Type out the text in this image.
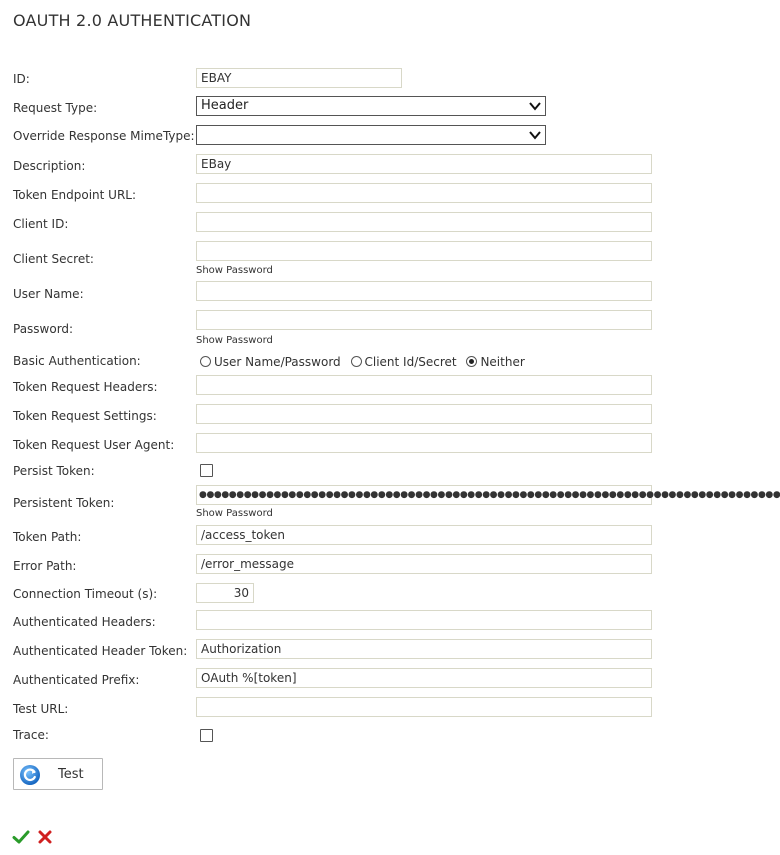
OAUTH 2.0 AUTHENTICATION
ID:	EBAY
Request Type:	Header
Override Response MimeType:
Description:	EBay
Token Endpoint URL:
Client ID:
Client Secret:
Show Password
User Name:
Password:
Show Password
Basic Authentication:	User Name/Password Client Id/Secret Neither
Token Request Headers:
Token Request Settings:
Token Request User Agent:
Persist Token:
Persistent Token:
●●●●●●●●●●●●●●●●●●●●●●●●●●●●●●●●●●●●●●●●●●●●●●●●●●●●●●●●●●●●●●●●●●●●●●●●●●●●●●
Show Password
Token Path:	/access_token
Error Path:	/error_message
Connection Timeout (s):	30
Authenticated Headers:
Authenticated Header Token:	Authorization
Authenticated Prefix:	OAuth %[token]
Test URL:
Trace:
Test
